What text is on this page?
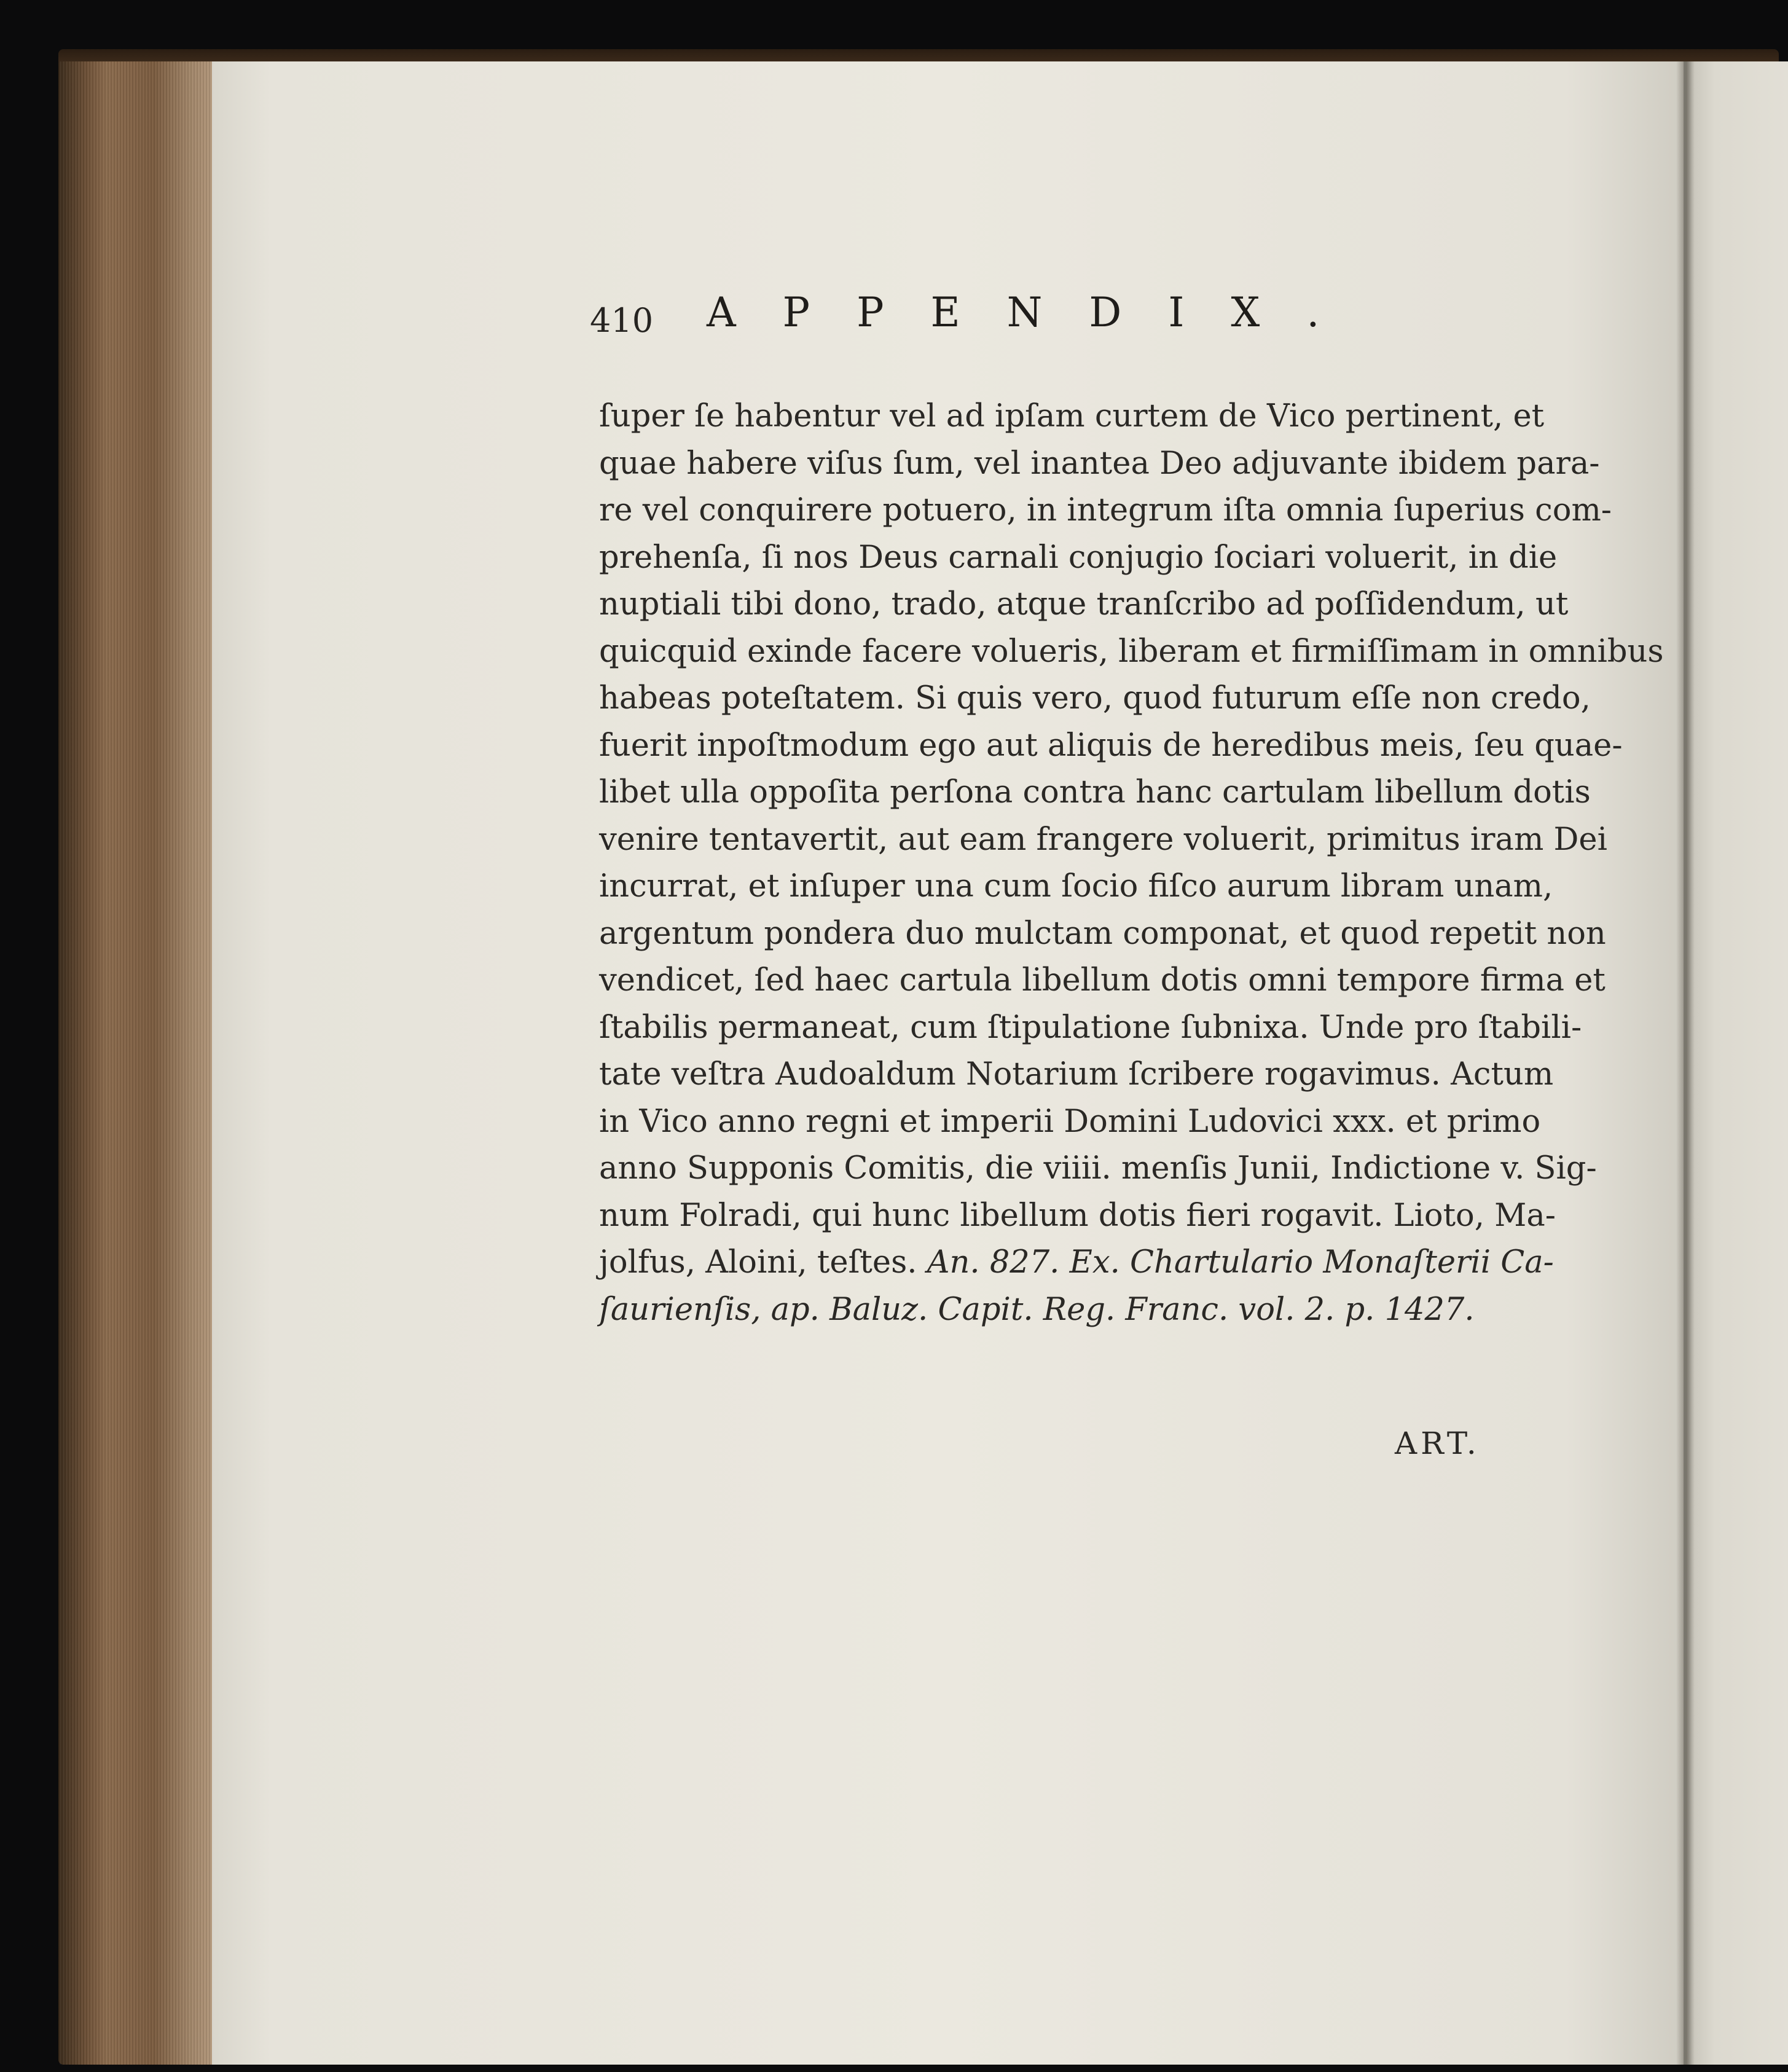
410 APPENDIX.
ſuper ſe habentur vel ad ipſam curtem de Vico pertinent, et
quae habere viſus ſum, vel inantea Deo adjuvante ibidem para-
re vel conquirere potuero, in integrum iſta omnia ſuperius com-
prehenſa, ſi nos Deus carnali conjugio ſociari voluerit, in die
nuptiali tibi dono, trado, atque tranſcribo ad poſſidendum, ut
quicquid exinde facere volueris, liberam et firmiſſimam in omnibus
habeas poteſtatem. Si quis vero, quod futurum eſſe non credo,
fuerit inpoſtmodum ego aut aliquis de heredibus meis, ſeu quae-
libet ulla oppoſita perſona contra hanc cartulam libellum dotis
venire tentavertit, aut eam frangere voluerit, primitus iram Dei
incurrat, et inſuper una cum ſocio fiſco aurum libram unam,
argentum pondera duo mulctam componat, et quod repetit non
vendicet, ſed haec cartula libellum dotis omni tempore firma et
ſtabilis permaneat, cum ſtipulatione ſubnixa. Unde pro ſtabili-
tate veſtra Audoaldum Notarium ſcribere rogavimus. Actum
in Vico anno regni et imperii Domini Ludovici xxx. et primo
anno Supponis Comitis, die viiii. menſis Junii, Indictione v. Sig-
num Folradi, qui hunc libellum dotis fieri rogavit. Lioto, Ma-
jolfus, Aloini, teſtes. An. 827. Ex. Chartulario Monaſterii Ca-
ſaurienſis, ap. Baluz. Capit. Reg. Franc. vol. 2. p. 1427.
ART.
